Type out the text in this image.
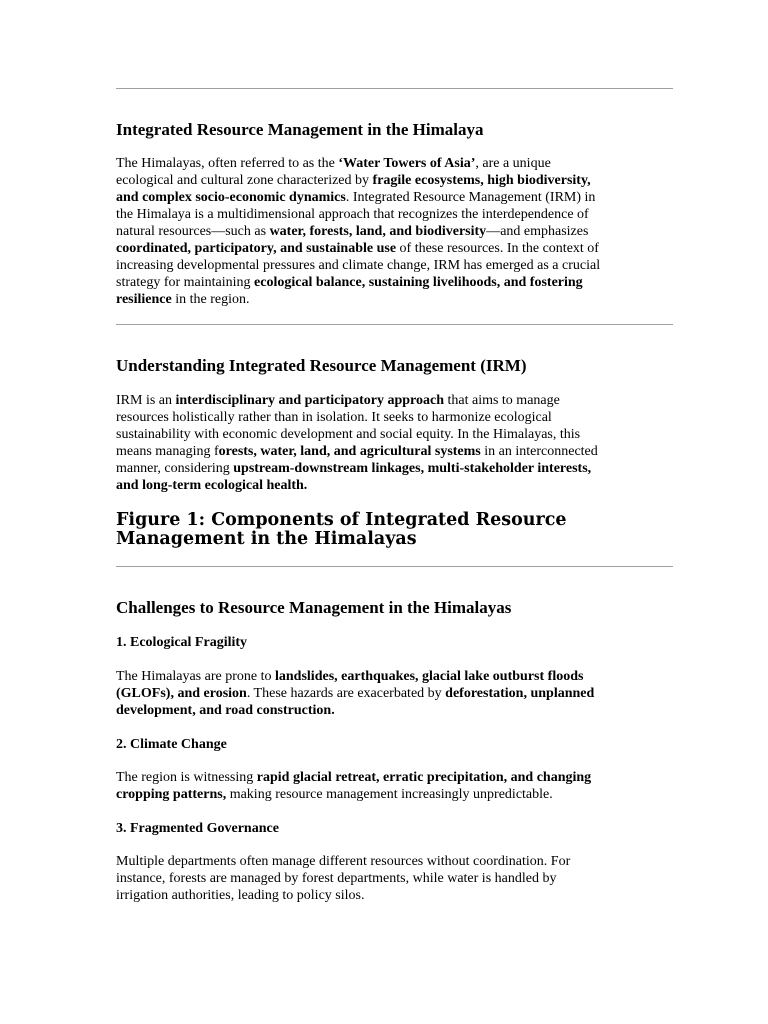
Integrated Resource Management in the Himalaya

The Himalayas, often referred to as the ‘Water Towers of Asia’, are a unique
ecological and cultural zone characterized by fragile ecosystems, high biodiversity,
and complex socio-economic dynamics. Integrated Resource Management (IRM) in
the Himalaya is a multidimensional approach that recognizes the interdependence of
natural resources—such as water, forests, land, and biodiversity—and emphasizes
coordinated, participatory, and sustainable use of these resources. In the context of
increasing developmental pressures and climate change, IRM has emerged as a crucial
strategy for maintaining ecological balance, sustaining livelihoods, and fostering
resilience in the region.

Understanding Integrated Resource Management (IRM)

IRM is an interdisciplinary and participatory approach that aims to manage
resources holistically rather than in isolation. It seeks to harmonize ecological
sustainability with economic development and social equity. In the Himalayas, this
means managing forests, water, land, and agricultural systems in an interconnected
manner, considering upstream-downstream linkages, multi-stakeholder interests,
and long-term ecological health.

Figure 1: Components of Integrated Resource
Management in the Himalayas
Challenges to Resource Management in the Himalayas
1. Ecological Fragility

The Himalayas are prone to landslides, earthquakes, glacial lake outburst floods
(GLOFs), and erosion. These hazards are exacerbated by deforestation, unplanned
development, and road construction.

2. Climate Change

The region is witnessing rapid glacial retreat, erratic precipitation, and changing
cropping patterns, making resource management increasingly unpredictable.

3. Fragmented Governance

Multiple departments often manage different resources without coordination. For
instance, forests are managed by forest departments, while water is handled by
irrigation authorities, leading to policy silos.
